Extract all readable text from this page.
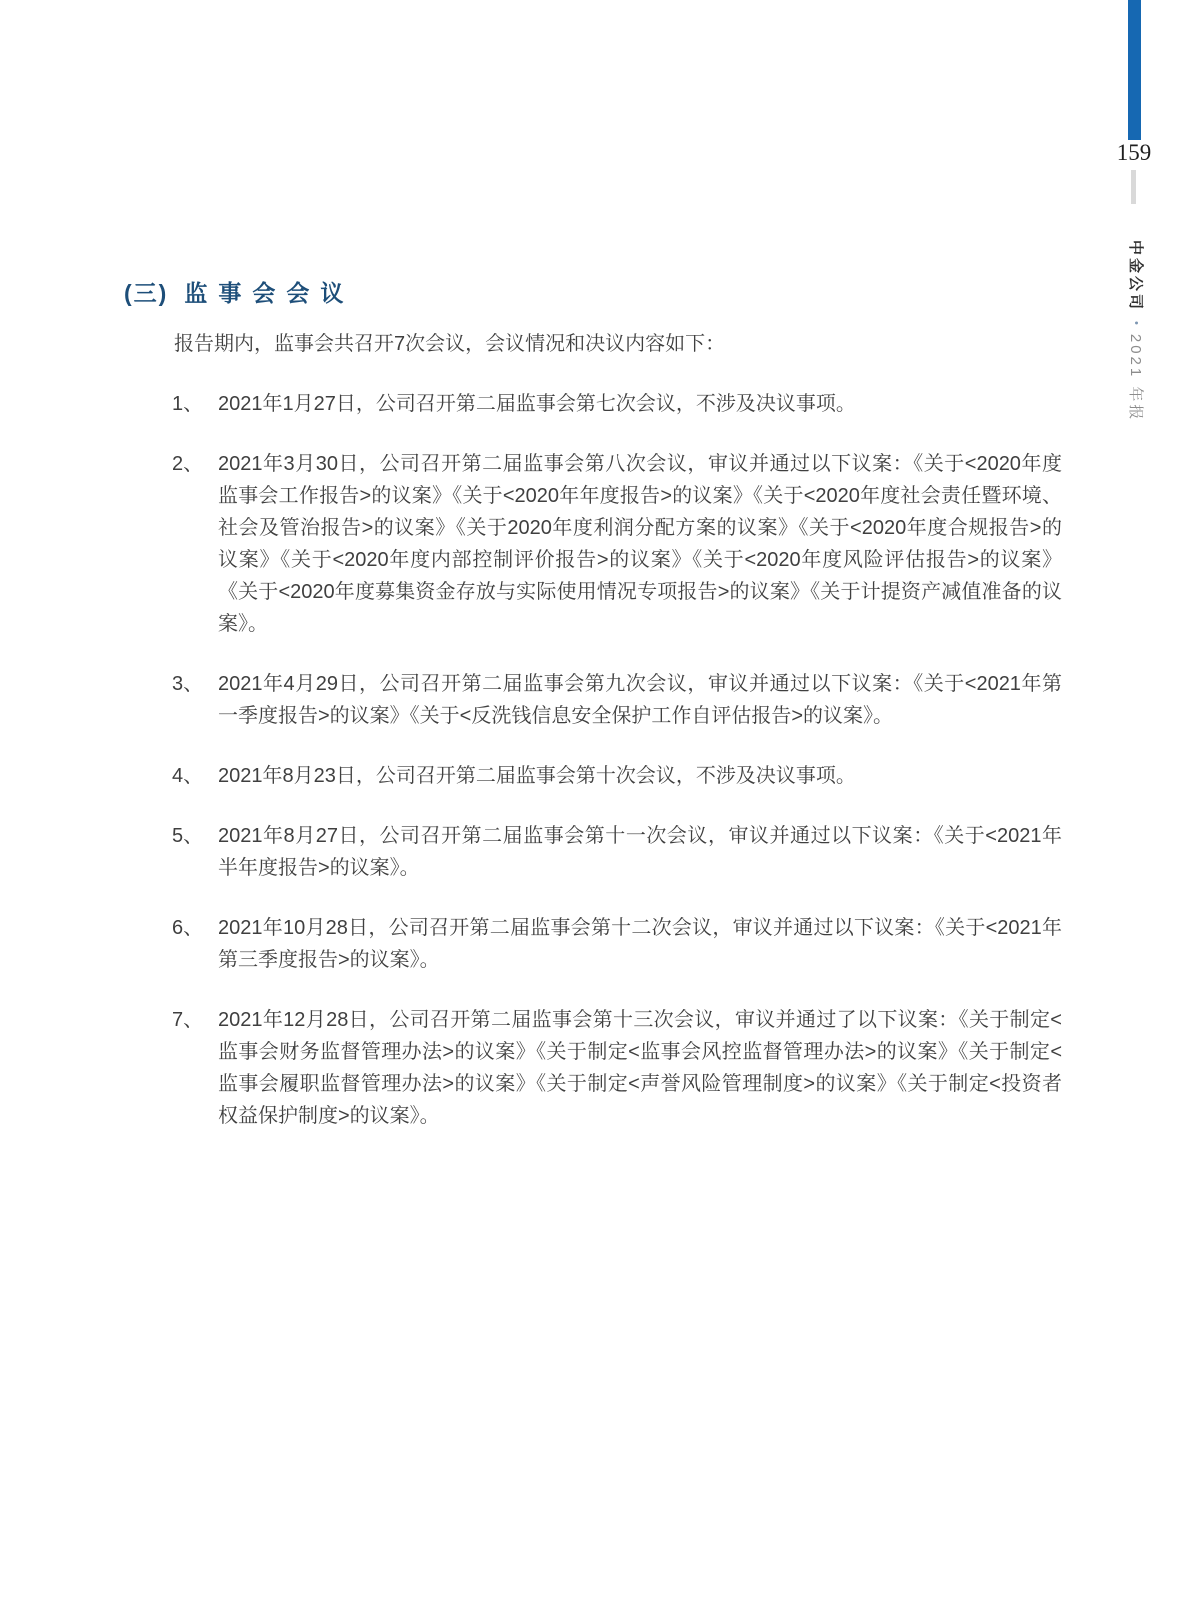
159
中金公司•2021 年报
(三) 监事会会议

报告期内，监事会共召开7次会议，会议情况和决议内容如下：

1、 2021年1月27日，公司召开第二届监事会第七次会议，不涉及决议事项。
2、 2021年3月30日，公司召开第二届监事会第八次会议，审议并通过以下议案：《关于<2020年度监事会工作报告>的议案》《关于<2020年年度报告>的议案》《关于<2020年度社会责任暨环境、社会及管治报告>的议案》《关于2020年度利润分配方案的议案》《关于<2020年度合规报告>的议案》《关于<2020年度内部控制评价报告>的议案》《关于<2020年度风险评估报告>的议案》《关于<2020年度募集资金存放与实际使用情况专项报告>的议案》《关于计提资产减值准备的议案》。
3、 2021年4月29日，公司召开第二届监事会第九次会议，审议并通过以下议案：《关于<2021年第一季度报告>的议案》《关于<反洗钱信息安全保护工作自评估报告>的议案》。
4、 2021年8月23日，公司召开第二届监事会第十次会议，不涉及决议事项。
5、 2021年8月27日，公司召开第二届监事会第十一次会议，审议并通过以下议案：《关于<2021年半年度报告>的议案》。
6、 2021年10月28日，公司召开第二届监事会第十二次会议，审议并通过以下议案：《关于<2021年第三季度报告>的议案》。
7、 2021年12月28日，公司召开第二届监事会第十三次会议，审议并通过了以下议案：《关于制定<监事会财务监督管理办法>的议案》《关于制定<监事会风控监督管理办法>的议案》《关于制定<监事会履职监督管理办法>的议案》《关于制定<声誉风险管理制度>的议案》《关于制定<投资者权益保护制度>的议案》。
